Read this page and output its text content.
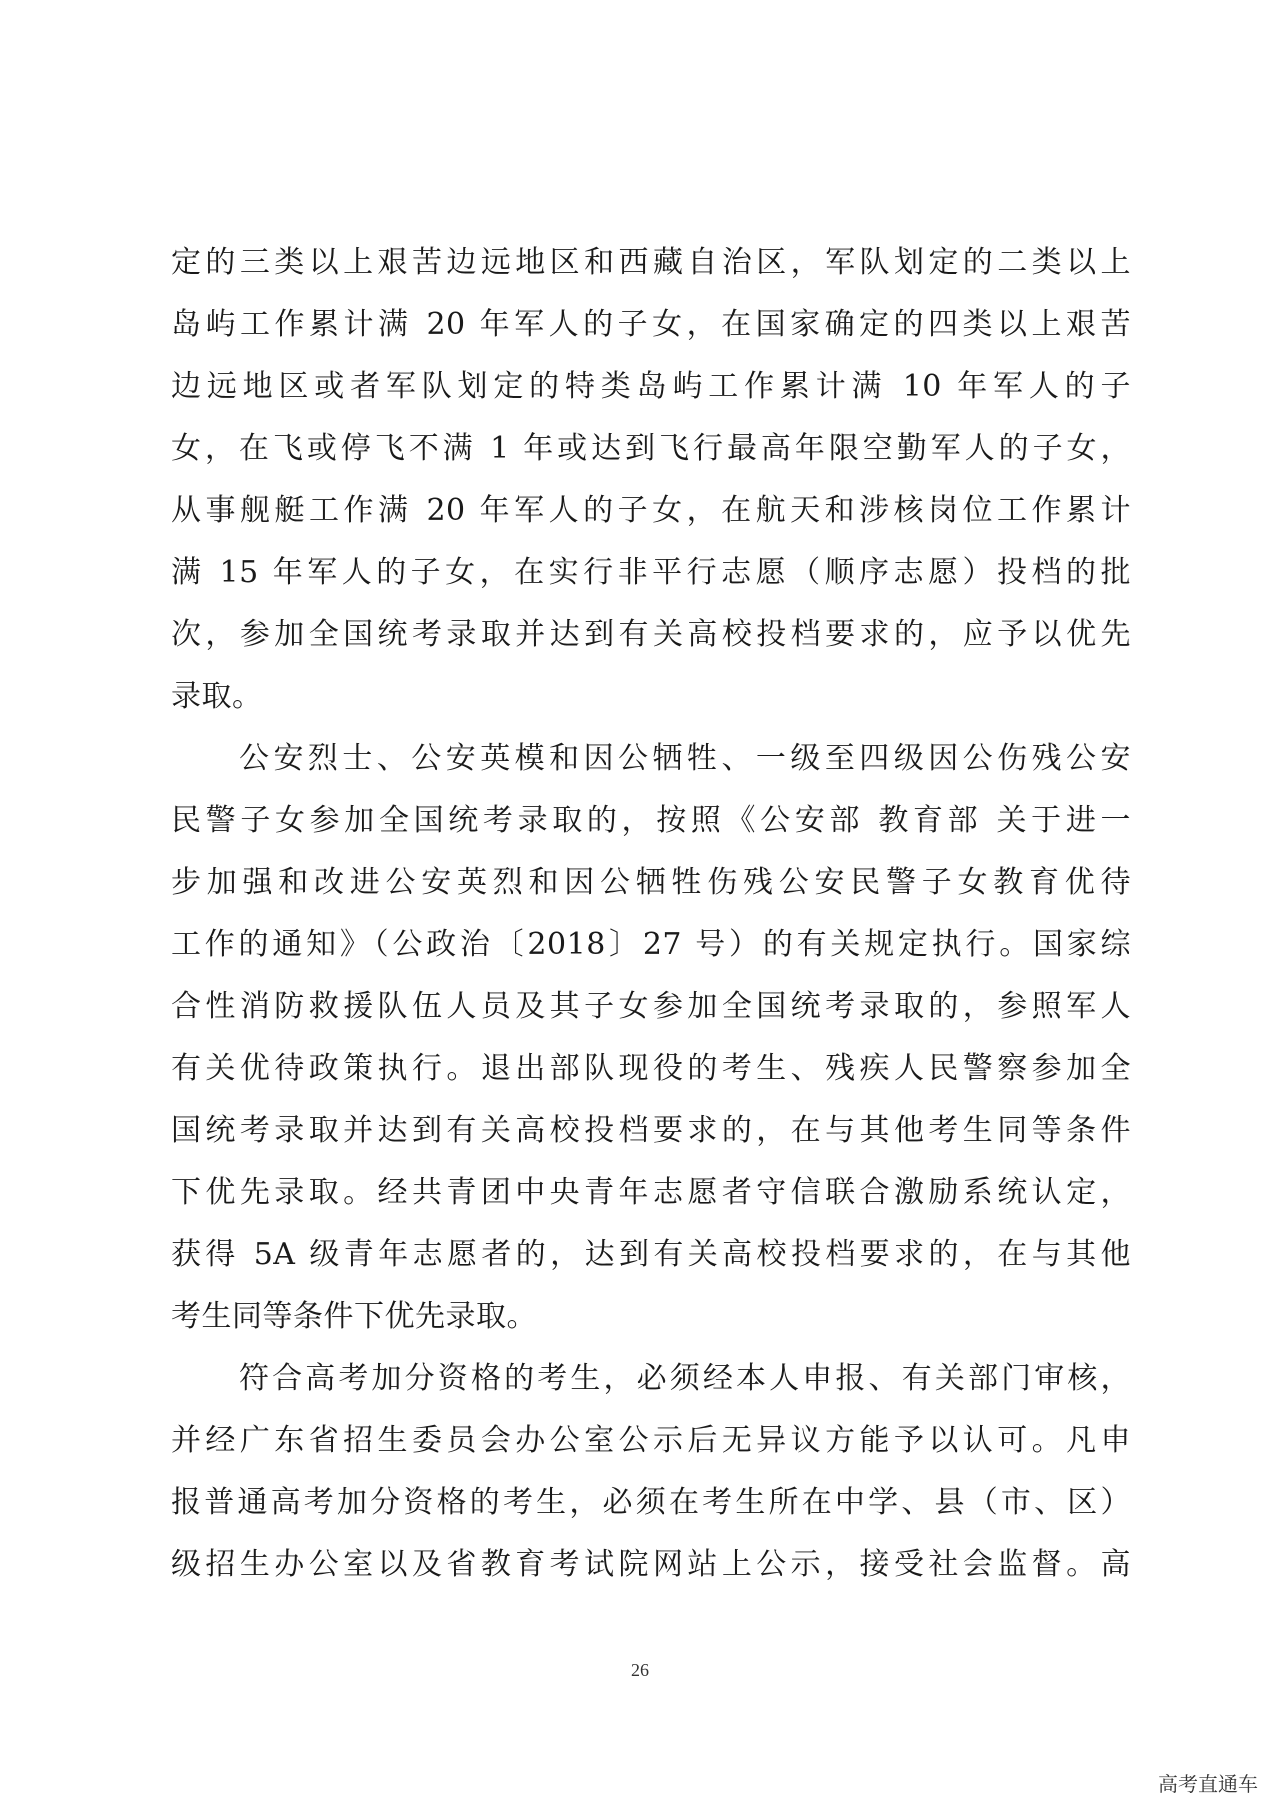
定的三类以上艰苦边远地区和西藏自治区，军队划定的二类以上
岛屿工作累计满 20 年军人的子女，在国家确定的四类以上艰苦
边远地区或者军队划定的特类岛屿工作累计满 10 年军人的子
女，在飞或停飞不满 1 年或达到飞行最高年限空勤军人的子女，
从事舰艇工作满 20 年军人的子女，在航天和涉核岗位工作累计
满 15 年军人的子女，在实行非平行志愿（顺序志愿）投档的批
次，参加全国统考录取并达到有关高校投档要求的，应予以优先
录取。
公安烈士、公安英模和因公牺牲、一级至四级因公伤残公安
民警子女参加全国统考录取的，按照《公安部 教育部 关于进一
步加强和改进公安英烈和因公牺牲伤残公安民警子女教育优待
工作的通知》（公政治〔2018〕27 号）的有关规定执行。国家综
合性消防救援队伍人员及其子女参加全国统考录取的，参照军人
有关优待政策执行。退出部队现役的考生、残疾人民警察参加全
国统考录取并达到有关高校投档要求的，在与其他考生同等条件
下优先录取。经共青团中央青年志愿者守信联合激励系统认定，
获得 5A 级青年志愿者的，达到有关高校投档要求的，在与其他
考生同等条件下优先录取。
符合高考加分资格的考生，必须经本人申报、有关部门审核，
并经广东省招生委员会办公室公示后无异议方能予以认可。凡申
报普通高考加分资格的考生，必须在考生所在中学、县（市、区）
级招生办公室以及省教育考试院网站上公示，接受社会监督。高
26
高考直通车
